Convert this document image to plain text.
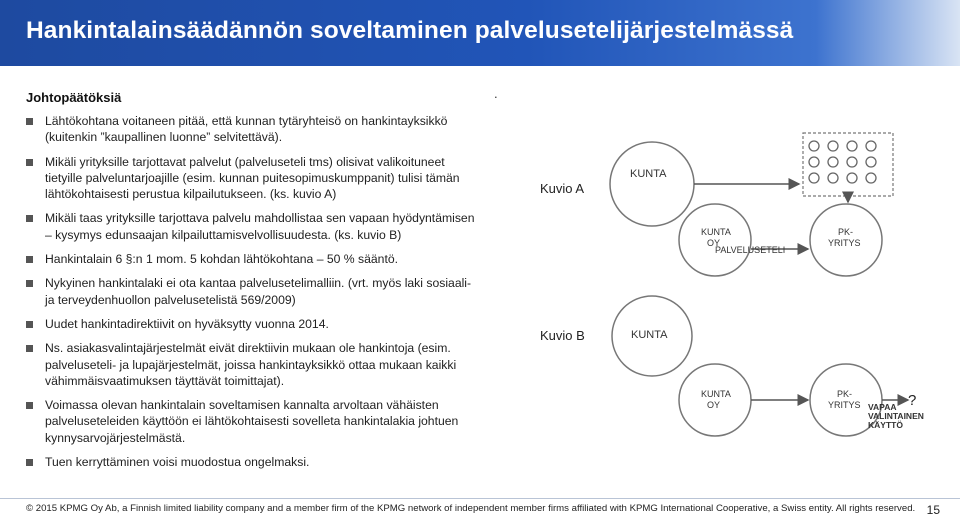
Hankintalainsäädännön soveltaminen palvelusetelijärjestelmässä
Johtopäätöksiä	.
Lähtökohtana voitaneen pitää, että kunnan tytäryhteisö on hankintayksikkö (kuitenkin ”kaupallinen luonne” selvitettävä).
Mikäli yrityksille tarjottavat palvelut (palveluseteli tms) olisivat valikoituneet tietyille palveluntarjoajille (esim. kunnan puitesopimuskumppanit) tulisi tämän lähtökohtaisesti perustua kilpailutukseen. (ks. kuvio A)
Mikäli taas yrityksille tarjottava palvelu mahdollistaa sen vapaan hyödyntämisen – kysymys edunsaajan kilpailuttamisvelvollisuudesta. (ks. kuvio B)
Hankintalain 6 §:n 1 mom. 5 kohdan lähtökohtana – 50 % sääntö.
Nykyinen hankintalaki ei ota kantaa palvelusetelimalliin. (vrt. myös laki sosiaali- ja terveydenhuollon palvelusetelistä 569/2009)
Uudet hankintadirektiivit on hyväksytty vuonna 2014.
Ns. asiakasvalintajärjestelmät eivät direktiivin mukaan ole hankintoja (esim. palveluseteli- ja lupajärjestelmät, joissa hankintayksikkö ottaa mukaan kaikki vähimmäisvaatimuksen täyttävät toimittajat).
Voimassa olevan hankintalain soveltamisen kannalta arvoltaan vähäisten palveluseteleiden käyttöön ei lähtökohtaisesti sovelleta hankintalakia johtuen kynnysarvojärjestelmästä.
Tuen kerryttäminen voisi muodostua ongelmaksi.
Kuvio A
Kuvio B
KUNTA
KUNTA
OY
PK-
YRITYS
PALVELUSETELI
KUNTA
KUNTA
OY
PK-
YRITYS	?
VAPAA
VALINTAINEN
KÄYTTÖ
© 2015 KPMG Oy Ab, a Finnish limited liability company and a member firm of the KPMG network of independent member firms affiliated with KPMG International Cooperative, a Swiss entity. All rights reserved. 15
